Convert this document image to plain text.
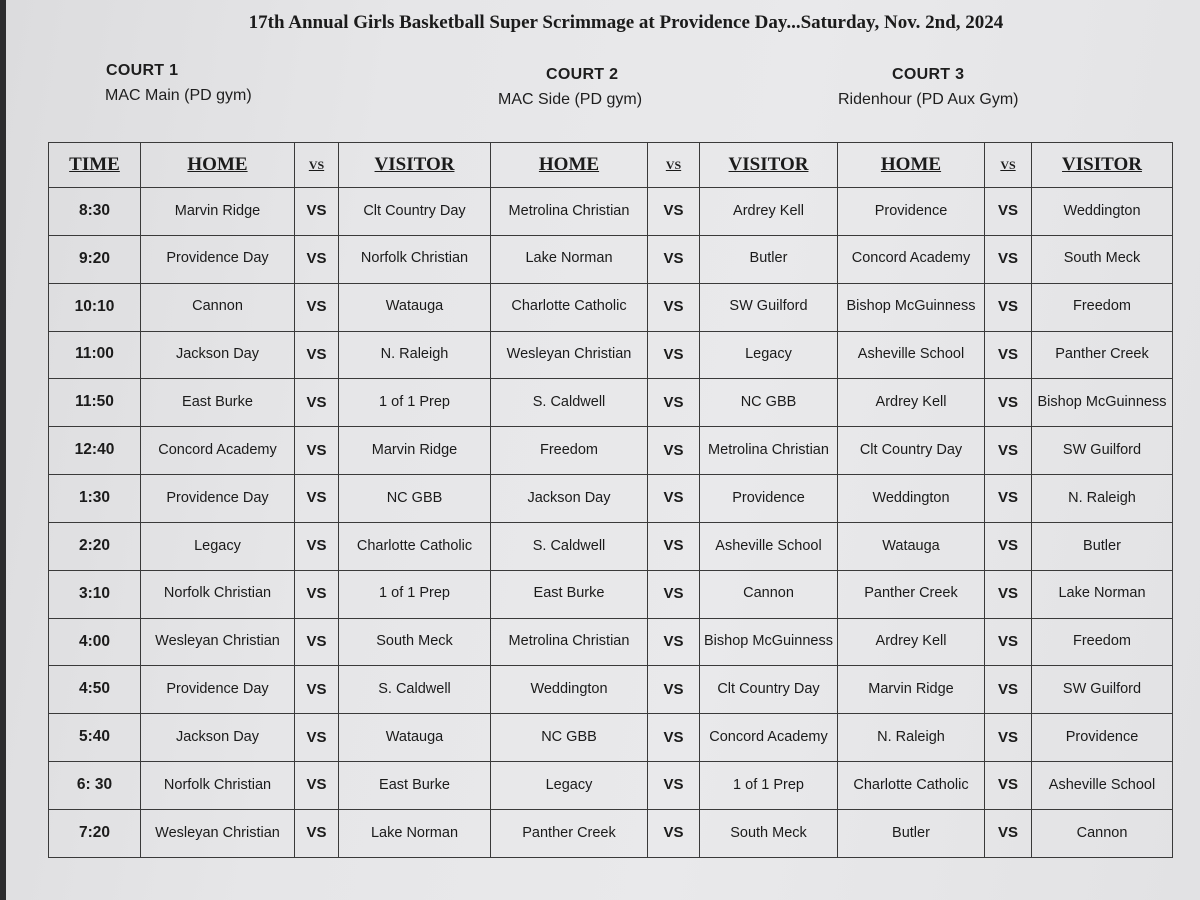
17th Annual Girls Basketball Super Scrimmage at Providence Day...Saturday, Nov. 2nd, 2024
COURT 1
MAC Main (PD gym)
COURT 2
MAC Side (PD gym)
COURT 3
Ridenhour (PD Aux Gym)
TIME	HOME	VS	VISITOR	HOME	VS	VISITOR	HOME	VS	VISITOR
8:30	Marvin Ridge	VS	Clt Country Day	Metrolina Christian	VS	Ardrey Kell	Providence	VS	Weddington
9:20	Providence Day	VS	Norfolk Christian	Lake Norman	VS	Butler	Concord Academy	VS	South Meck
10:10	Cannon	VS	Watauga	Charlotte Catholic	VS	SW Guilford	Bishop McGuinness	VS	Freedom
11:00	Jackson Day	VS	N. Raleigh	Wesleyan Christian	VS	Legacy	Asheville School	VS	Panther Creek
11:50	East Burke	VS	1 of 1 Prep	S. Caldwell	VS	NC GBB	Ardrey Kell	VS	Bishop McGuinness
12:40	Concord Academy	VS	Marvin Ridge	Freedom	VS	Metrolina Christian	Clt Country Day	VS	SW Guilford
1:30	Providence Day	VS	NC GBB	Jackson Day	VS	Providence	Weddington	VS	N. Raleigh
2:20	Legacy	VS	Charlotte Catholic	S. Caldwell	VS	Asheville School	Watauga	VS	Butler
3:10	Norfolk Christian	VS	1 of 1 Prep	East Burke	VS	Cannon	Panther Creek	VS	Lake Norman
4:00	Wesleyan Christian	VS	South Meck	Metrolina Christian	VS	Bishop McGuinness	Ardrey Kell	VS	Freedom
4:50	Providence Day	VS	S. Caldwell	Weddington	VS	Clt Country Day	Marvin Ridge	VS	SW Guilford
5:40	Jackson Day	VS	Watauga	NC GBB	VS	Concord Academy	N. Raleigh	VS	Providence
6: 30	Norfolk Christian	VS	East Burke	Legacy	VS	1 of 1 Prep	Charlotte Catholic	VS	Asheville School
7:20	Wesleyan Christian	VS	Lake Norman	Panther Creek	VS	South Meck	Butler	VS	Cannon
